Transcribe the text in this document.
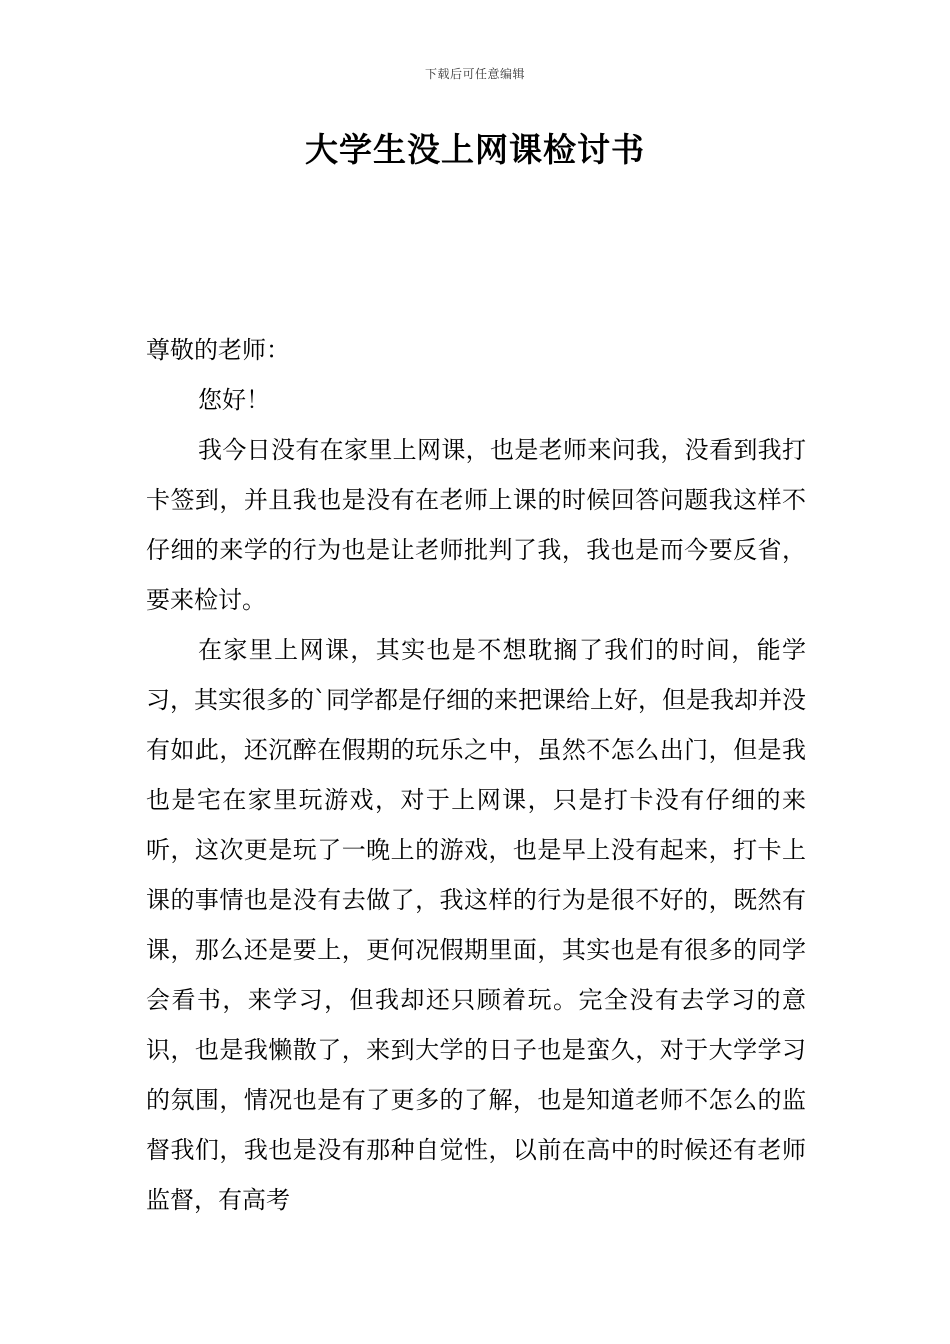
下载后可任意编辑
大学生没上网课检讨书

尊敬的老师：

您好！

我今日没有在家里上网课，也是老师来问我，没看到我打卡签到，并且我也是没有在老师上课的时候回答问题我这样不仔细的来学的行为也是让老师批判了我，我也是而今要反省，要来检讨。

在家里上网课，其实也是不想耽搁了我们的时间，能学习，其实很多的`同学都是仔细的来把课给上好，但是我却并没有如此，还沉醉在假期的玩乐之中，虽然不怎么出门，但是我也是宅在家里玩游戏，对于上网课，只是打卡没有仔细的来听，这次更是玩了一晚上的游戏，也是早上没有起来，打卡上课的事情也是没有去做了，我这样的行为是很不好的，既然有课，那么还是要上，更何况假期里面，其实也是有很多的同学会看书，来学习，但我却还只顾着玩。完全没有去学习的意识，也是我懒散了，来到大学的日子也是蛮久，对于大学学习的氛围，情况也是有了更多的了解，也是知道老师不怎么的监督我们，我也是没有那种自觉性，以前在高中的时候还有老师监督，有高考
